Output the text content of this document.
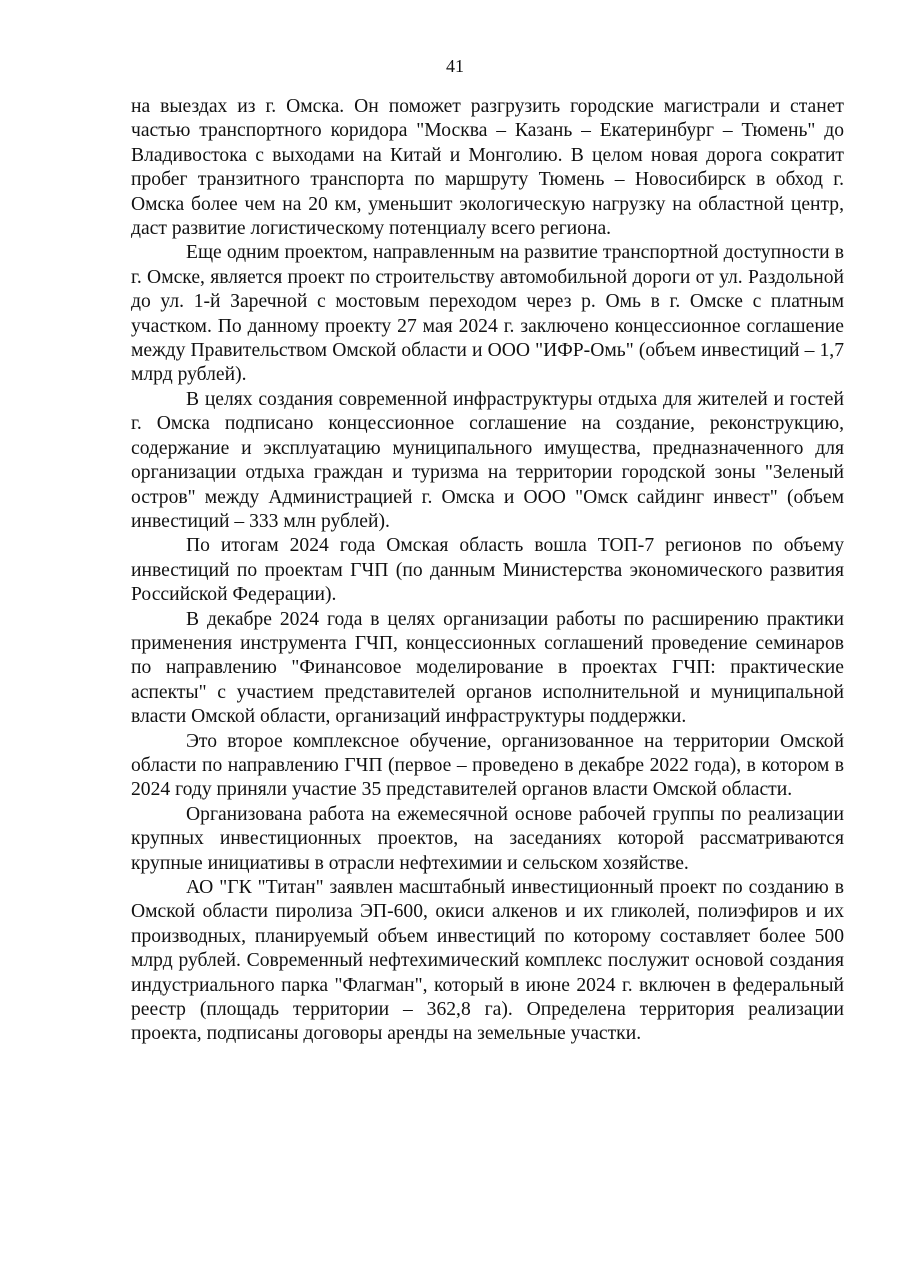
41

на выездах из г. Омска. Он поможет разгрузить городские магистрали и станет частью транспортного коридора "Москва – Казань – Екатеринбург – Тюмень" до Владивостока с выходами на Китай и Монголию. В целом новая дорога сократит пробег транзитного транспорта по маршруту Тюмень – Новосибирск в обход г. Омска более чем на 20 км, уменьшит экологическую нагрузку на областной центр, даст развитие логистическому потенциалу всего региона.

Еще одним проектом, направленным на развитие транспортной доступности в г. Омске, является проект по строительству автомобильной дороги от ул. Раздольной до ул. 1-й Заречной с мостовым переходом через р. Омь в г. Омске с платным участком. По данному проекту 27 мая 2024 г. заключено концессионное соглашение между Правительством Омской области и ООО "ИФР-Омь" (объем инвестиций – 1,7 млрд рублей).

В целях создания современной инфраструктуры отдыха для жителей и гостей г. Омска подписано концессионное соглашение на создание, реконструкцию, содержание и эксплуатацию муниципального имущества, предназначенного для организации отдыха граждан и туризма на территории городской зоны "Зеленый остров" между Администрацией г. Омска и ООО "Омск сайдинг инвест" (объем инвестиций – 333 млн рублей).

По итогам 2024 года Омская область вошла ТОП-7 регионов по объему инвестиций по проектам ГЧП (по данным Министерства экономического развития Российской Федерации).

В декабре 2024 года в целях организации работы по расширению практики применения инструмента ГЧП, концессионных соглашений проведение семинаров по направлению "Финансовое моделирование в проектах ГЧП: практические аспекты" с участием представителей органов исполнительной и муниципальной власти Омской области, организаций инфраструктуры поддержки.

Это второе комплексное обучение, организованное на территории Омской области по направлению ГЧП (первое – проведено в декабре 2022 года), в котором в 2024 году приняли участие 35 представителей органов власти Омской области.

Организована работа на ежемесячной основе рабочей группы по реализации крупных инвестиционных проектов, на заседаниях которой рассматриваются крупные инициативы в отрасли нефтехимии и сельском хозяйстве.

АО "ГК "Титан" заявлен масштабный инвестиционный проект по созданию в Омской области пиролиза ЭП-600, окиси алкенов и их гликолей, полиэфиров и их производных, планируемый объем инвестиций по которому составляет более 500 млрд рублей. Современный нефтехимический комплекс послужит основой создания индустриального парка "Флагман", который в июне 2024 г. включен в федеральный реестр (площадь территории – 362,8 га). Определена территория реализации проекта, подписаны договоры аренды на земельные участки.
